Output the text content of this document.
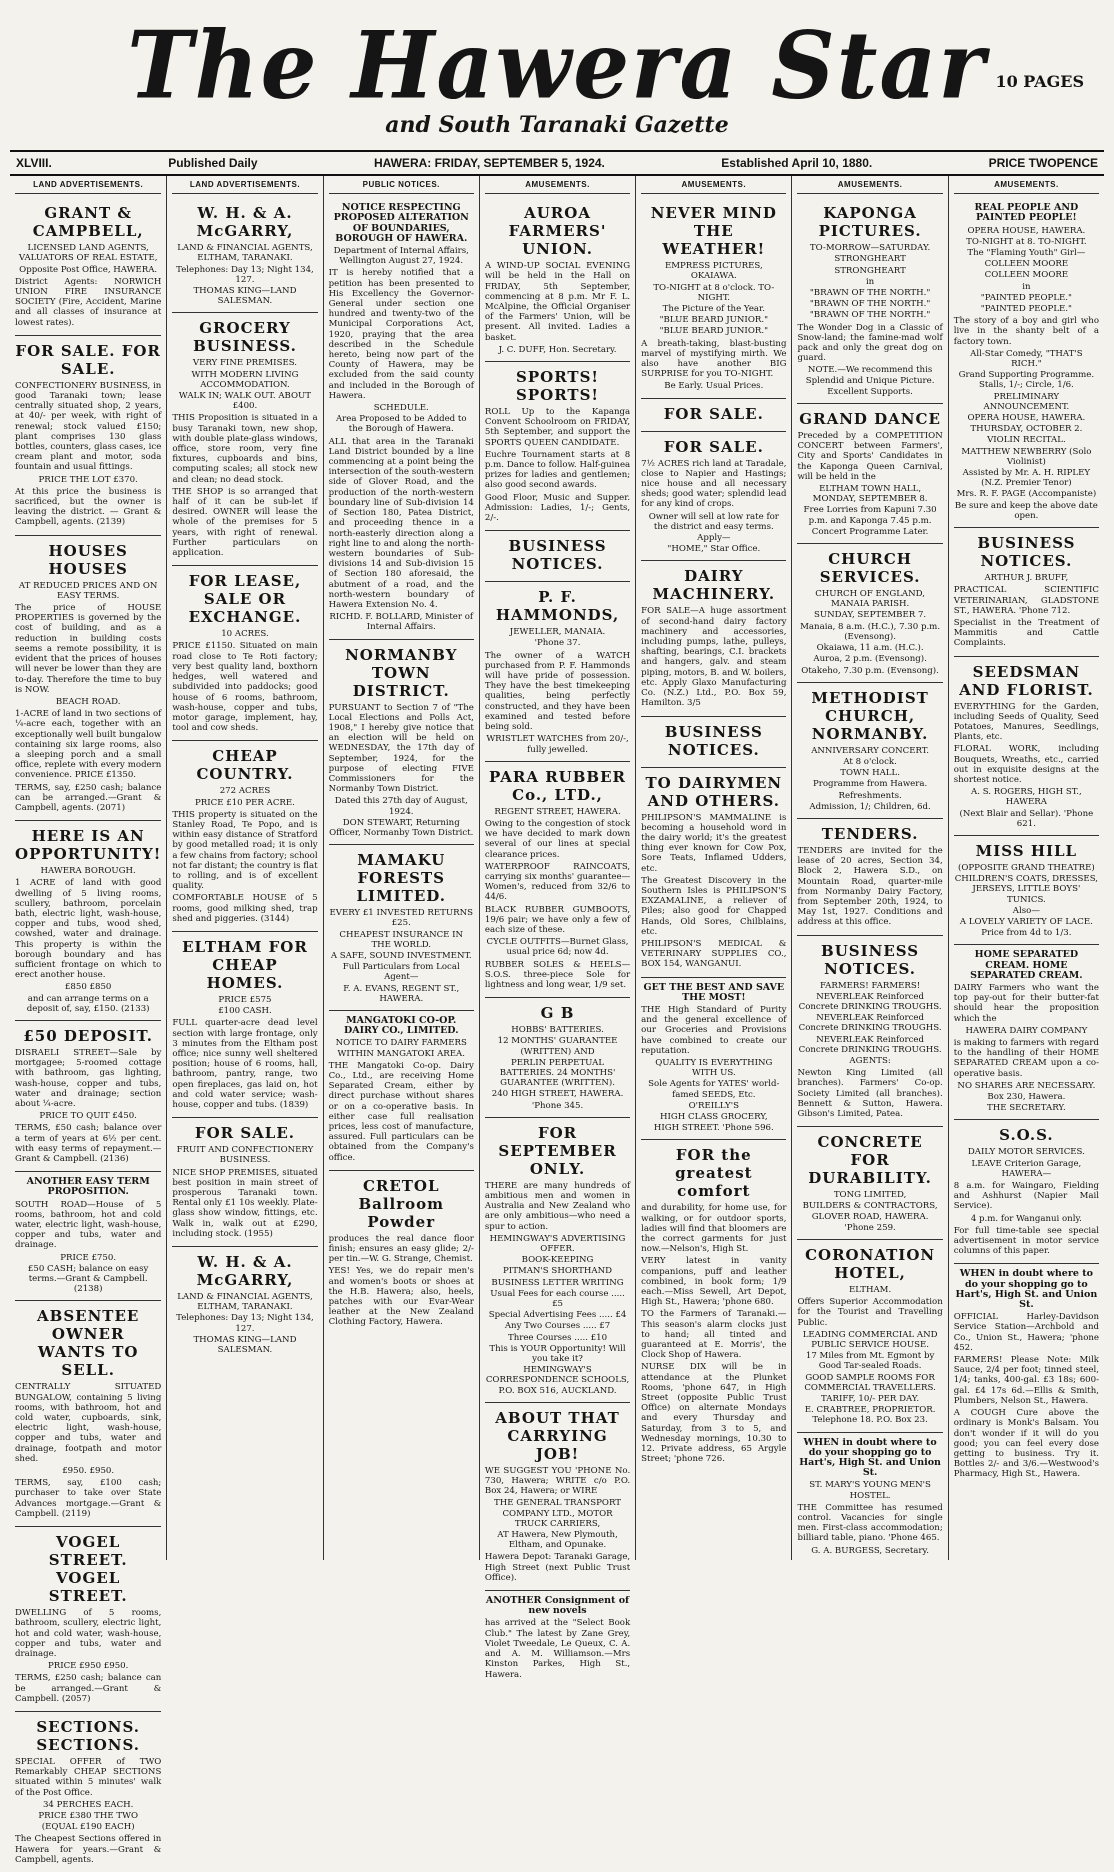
The Hawera Star
and South Taranaki Gazette
10 PAGES
XLVIII.	Published Daily	HAWERA: FRIDAY, SEPTEMBER 5, 1924.	Established April 10, 1880.	PRICE TWOPENCE
LAND ADVERTISEMENTS.
GRANT & CAMPBELL,
LICENSED LAND AGENTS, VALUATORS OF REAL ESTATE,
Opposite Post Office, HAWERA.
District Agents: NORWICH UNION FIRE INSURANCE SOCIETY (Fire, Accident, Marine and all classes of insurance at lowest rates).
FOR SALE. FOR SALE.
CONFECTIONERY BUSINESS, in good Taranaki town; lease centrally situated shop, 2 years, at 40/- per week, with right of renewal; stock valued £150; plant comprises 130 glass bottles, counters, glass cases, ice cream plant and motor, soda fountain and usual fittings.
PRICE THE LOT £370.
At this price the business is sacrificed, but the owner is leaving the district. — Grant & Campbell, agents. (2139)
HOUSES HOUSES
AT REDUCED PRICES AND ON EASY TERMS.
The price of HOUSE PROPERTIES is governed by the cost of building, and as a reduction in building costs seems a remote possibility, it is evident that the prices of houses will never be lower than they are to-day. Therefore the time to buy is NOW.
BEACH ROAD.
1-ACRE of land in two sections of ¼-acre each, together with an exceptionally well built bungalow containing six large rooms, also a sleeping porch and a small office, replete with every modern convenience. PRICE £1350.
TERMS, say, £250 cash; balance can be arranged.—Grant & Campbell, agents. (2071)
HERE IS AN OPPORTUNITY!
HAWERA BOROUGH.
1 ACRE of land with good dwelling of 5 living rooms, scullery, bathroom, porcelain bath, electric light, wash-house, copper and tubs, wood shed, cowshed, water and drainage. This property is within the borough boundary and has sufficient frontage on which to erect another house.
£850 £850
and can arrange terms on a deposit of, say, £150. (2133)
£50 DEPOSIT.
DISRAELI STREET—Sale by mortgagee; 5-roomed cottage with bathroom, gas lighting, wash-house, copper and tubs, water and drainage; section about ¼-acre.
PRICE TO QUIT £450.
TERMS, £50 cash; balance over a term of years at 6½ per cent. with easy terms of repayment.—Grant & Campbell. (2136)
ANOTHER EASY TERM PROPOSITION.
SOUTH ROAD—House of 5 rooms, bathroom, hot and cold water, electric light, wash-house, copper and tubs, water and drainage.
PRICE £750.
£50 CASH; balance on easy terms.—Grant & Campbell. (2138)
ABSENTEE OWNER WANTS TO SELL.
CENTRALLY SITUATED BUNGALOW, containing 5 living rooms, with bathroom, hot and cold water, cupboards, sink, electric light, wash-house, copper and tubs, water and drainage, footpath and motor shed.
£950. £950.
TERMS, say, £100 cash; purchaser to take over State Advances mortgage.—Grant & Campbell. (2119)
VOGEL STREET. VOGEL STREET.
DWELLING of 5 rooms, bathroom, scullery, electric light, hot and cold water, wash-house, copper and tubs, water and drainage.
PRICE £950 £950.
TERMS, £250 cash; balance can be arranged.—Grant & Campbell. (2057)
SECTIONS. SECTIONS.
SPECIAL OFFER of TWO Remarkably CHEAP SECTIONS situated within 5 minutes' walk of the Post Office.
34 PERCHES EACH.
PRICE £380 THE TWO
(EQUAL £190 EACH)
The Cheapest Sections offered in Hawera for years.—Grant & Campbell, agents.
LAND ADVERTISEMENTS.
W. H. & A. McGARRY,
LAND & FINANCIAL AGENTS, ELTHAM, TARANAKI.
Telephones: Day 13; Night 134, 127.
THOMAS KING—LAND SALESMAN.
GROCERY BUSINESS.
VERY FINE PREMISES.
WITH MODERN LIVING ACCOMMODATION.
WALK IN; WALK OUT. ABOUT £400.
THIS Proposition is situated in a busy Taranaki town, new shop, with double plate-glass windows, office, store room, very fine fixtures, cupboards and bins, computing scales; all stock new and clean; no dead stock.
THE SHOP is so arranged that half of it can be sub-let if desired. OWNER will lease the whole of the premises for 5 years, with right of renewal. Further particulars on application.
FOR LEASE, SALE OR EXCHANGE.
10 ACRES.
PRICE £1150. Situated on main road close to Te Roti factory; very best quality land, boxthorn hedges, well watered and subdivided into paddocks; good house of 6 rooms, bathroom, wash-house, copper and tubs, motor garage, implement, hay, tool and cow sheds.
CHEAP COUNTRY.
272 ACRES
PRICE £10 PER ACRE.
THIS property is situated on the Stanley Road, Te Popo, and is within easy distance of Stratford by good metalled road; it is only a few chains from factory; school not far distant; the country is flat to rolling, and is of excellent quality.
COMFORTABLE HOUSE of 5 rooms, good milking shed, trap shed and piggeries. (3144)
ELTHAM FOR CHEAP HOMES.
PRICE £575
£100 CASH.
FULL quarter-acre dead level section with large frontage, only 3 minutes from the Eltham post office; nice sunny well sheltered position; house of 6 rooms, hall, bathroom, pantry, range, two open fireplaces, gas laid on, hot and cold water service; wash-house, copper and tubs. (1839)
FOR SALE.
FRUIT AND CONFECTIONERY BUSINESS.
NICE SHOP PREMISES, situated best position in main street of prosperous Taranaki town. Rental only £1 10s weekly. Plate-glass show window, fittings, etc. Walk in, walk out at £290, including stock. (1955)
W. H. & A. McGARRY,
LAND & FINANCIAL AGENTS, ELTHAM, TARANAKI.
Telephones: Day 13; Night 134, 127.
THOMAS KING—LAND SALESMAN.
PUBLIC NOTICES.
NOTICE RESPECTING PROPOSED ALTERATION OF BOUNDARIES, BOROUGH OF HAWERA.
Department of Internal Affairs, Wellington August 27, 1924.
IT is hereby notified that a petition has been presented to His Excellency the Governor-General under section one hundred and twenty-two of the Municipal Corporations Act, 1920, praying that the area described in the Schedule hereto, being now part of the County of Hawera, may be excluded from the said county and included in the Borough of Hawera.
SCHEDULE.
Area Proposed to be Added to the Borough of Hawera.
ALL that area in the Taranaki Land District bounded by a line commencing at a point being the intersection of the south-western side of Glover Road, and the production of the north-western boundary line of Sub-division 14 of Section 180, Patea District, and proceeding thence in a north-easterly direction along a right line to and along the north-western boundaries of Sub-divisions 14 and Sub-division 15 of Section 180 aforesaid, the abutment of a road, and the north-western boundary of Hawera Extension No. 4.
RICHD. F. BOLLARD, Minister of Internal Affairs.
NORMANBY TOWN DISTRICT.
PURSUANT to Section 7 of "The Local Elections and Polls Act, 1908," I hereby give notice that an election will be held on WEDNESDAY, the 17th day of September, 1924, for the purpose of electing FIVE Commissioners for the Normanby Town District.
Dated this 27th day of August, 1924.
DON STEWART, Returning Officer, Normanby Town District.
MAMAKU FORESTS LIMITED.
EVERY £1 INVESTED RETURNS £25.
CHEAPEST INSURANCE IN THE WORLD.
A SAFE, SOUND INVESTMENT.
Full Particulars from Local Agent—
F. A. EVANS, REGENT ST., HAWERA.
MANGATOKI CO-OP. DAIRY CO., LIMITED.
NOTICE TO DAIRY FARMERS WITHIN MANGATOKI AREA.
THE Mangatoki Co-op. Dairy Co., Ltd., are receiving Home Separated Cream, either by direct purchase without shares or on a co-operative basis. In either case full realisation prices, less cost of manufacture, assured. Full particulars can be obtained from the Company's office.
CRETOL Ballroom Powder
produces the real dance floor finish; ensures an easy glide; 2/- per tin.—W. G. Strange, Chemist.
YES! Yes, we do repair men's and women's boots or shoes at the H.B. Hawera; also, heels, patches with our Evar-Wear leather at the New Zealand Clothing Factory, Hawera.
AMUSEMENTS.
AUROA FARMERS' UNION.
A WIND-UP SOCIAL EVENING will be held in the Hall on FRIDAY, 5th September, commencing at 8 p.m. Mr F. L. McAlpine, the Official Organiser of the Farmers' Union, will be present. All invited. Ladies a basket.
J. C. DUFF, Hon. Secretary.
SPORTS! SPORTS!
ROLL Up to the Kapanga Convent Schoolroom on FRIDAY, 5th September, and support the SPORTS QUEEN CANDIDATE.
Euchre Tournament starts at 8 p.m. Dance to follow. Half-guinea prizes for ladies and gentlemen; also good second awards.
Good Floor, Music and Supper. Admission: Ladies, 1/-; Gents, 2/-.
BUSINESS NOTICES.
P. F. HAMMONDS,
JEWELLER, MANAIA.
'Phone 37.
The owner of a WATCH purchased from P. F. Hammonds will have pride of possession. They have the best timekeeping qualities, being perfectly constructed, and they have been examined and tested before being sold.
WRISTLET WATCHES from 20/-, fully jewelled.
PARA RUBBER Co., LTD.,
REGENT STREET, HAWERA.
Owing to the congestion of stock we have decided to mark down several of our lines at special clearance prices.
WATERPROOF RAINCOATS, carrying six months' guarantee—Women's, reduced from 32/6 to 44/6.
BLACK RUBBER GUMBOOTS, 19/6 pair; we have only a few of each size of these.
CYCLE OUTFITS—Burnet Glass, usual price 6d; now 4d.
RUBBER SOLES & HEELS—S.O.S. three-piece Sole for lightness and long wear, 1/9 set.
G B
HOBBS' BATTERIES.
12 MONTHS' GUARANTEE (WRITTEN) AND
PERLIN PERPETUAL BATTERIES. 24 MONTHS' GUARANTEE (WRITTEN).
240 HIGH STREET, HAWERA.
'Phone 345.
FOR SEPTEMBER ONLY.
THERE are many hundreds of ambitious men and women in Australia and New Zealand who are only ambitious—who need a spur to action.
HEMINGWAY'S ADVERTISING OFFER.
BOOK-KEEPING
PITMAN'S SHORTHAND
BUSINESS LETTER WRITING
Usual Fees for each course ..... £5
Special Advertising Fees ..... £4
Any Two Courses ..... £7
Three Courses ..... £10
This is YOUR Opportunity! Will you take it?
HEMINGWAY'S CORRESPONDENCE SCHOOLS, P.O. BOX 516, AUCKLAND.
ABOUT THAT CARRYING JOB!
WE SUGGEST YOU 'PHONE No. 730, Hawera; WRITE c/o P.O. Box 24, Hawera; or WIRE
THE GENERAL TRANSPORT COMPANY LTD., MOTOR TRUCK CARRIERS,
AT Hawera, New Plymouth, Eltham, and Opunake.
Hawera Depot: Taranaki Garage, High Street (next Public Trust Office).
ANOTHER Consignment of new novels
has arrived at the "Select Book Club." The latest by Zane Grey, Violet Tweedale, Le Queux, C. A. and A. M. Williamson.—Mrs Kinston Parkes, High St., Hawera.
AMUSEMENTS.
NEVER MIND THE WEATHER!
EMPRESS PICTURES, OKAIAWA.
TO-NIGHT at 8 o'clock. TO-NIGHT.
The Picture of the Year.
"BLUE BEARD JUNIOR."
"BLUE BEARD JUNIOR."
A breath-taking, blast-busting marvel of mystifying mirth. We also have another BIG SURPRISE for you TO-NIGHT.
Be Early. Usual Prices.
FOR SALE.
FOR SALE.
7½ ACRES rich land at Taradale, close to Napier and Hastings; nice house and all necessary sheds; good water; splendid lead for any kind of crops.
Owner will sell at low rate for the district and easy terms.
Apply—
"HOME," Star Office.
DAIRY MACHINERY.
FOR SALE—A huge assortment of second-hand dairy factory machinery and accessories, including pumps, lathe, pulleys, shafting, bearings, C.I. brackets and hangers, galv. and steam piping, motors, B. and W. boilers, etc. Apply Glaxo Manufacturing Co. (N.Z.) Ltd., P.O. Box 59, Hamilton. 3/5
BUSINESS NOTICES.
TO DAIRYMEN AND OTHERS.
PHILIPSON'S MAMMALINE is becoming a household word in the dairy world; it's the greatest thing ever known for Cow Pox, Sore Teats, Inflamed Udders, etc.
The Greatest Discovery in the Southern Isles is PHILIPSON'S EXZAMALINE, a reliever of Piles; also good for Chapped Hands, Old Sores, Chilblains, etc.
PHILIPSON'S MEDICAL & VETERINARY SUPPLIES CO., BOX 154, WANGANUI.
GET THE BEST AND SAVE THE MOST!
THE High Standard of Purity and the general excellence of our Groceries and Provisions have combined to create our reputation.
QUALITY IS EVERYTHING WITH US.
Sole Agents for YATES' world-famed SEEDS, Etc.
O'REILLY'S
HIGH CLASS GROCERY,
HIGH STREET. 'Phone 596.
FOR the greatest comfort
and durability, for home use, for walking, or for outdoor sports, ladies will find that bloomers are the correct garments for just now.—Nelson's, High St.
VERY latest in vanity companions, puff and leather combined, in book form; 1/9 each.—Miss Sewell, Art Depot, High St., Hawera; 'phone 680.
TO the Farmers of Taranaki.—This season's alarm clocks just to hand; all tinted and guaranteed at E. Morris', the Clock Shop of Hawera.
NURSE DIX will be in attendance at the Plunket Rooms, 'phone 647, in High Street (opposite Public Trust Office) on alternate Mondays and every Thursday and Saturday, from 3 to 5, and Wednesday mornings, 10.30 to 12. Private address, 65 Argyle Street; 'phone 726.
AMUSEMENTS.
KAPONGA PICTURES.
TO-MORROW—SATURDAY.
STRONGHEART
STRONGHEART
in
"BRAWN OF THE NORTH."
"BRAWN OF THE NORTH."
"BRAWN OF THE NORTH."
The Wonder Dog in a Classic of Snow-land; the famine-mad wolf pack and only the great dog on guard.
NOTE.—We recommend this Splendid and Unique Picture.
Excellent Supports.
GRAND DANCE
Preceded by a COMPETITION CONCERT between Farmers', City and Sports' Candidates in the Kaponga Queen Carnival, will be held in the
ELTHAM TOWN HALL, MONDAY, SEPTEMBER 8.
Free Lorries from Kapuni 7.30 p.m. and Kaponga 7.45 p.m.
Concert Programme Later.
CHURCH SERVICES.
CHURCH OF ENGLAND, MANAIA PARISH.
SUNDAY, SEPTEMBER 7.
Manaia, 8 a.m. (H.C.), 7.30 p.m. (Evensong).
Okaiawa, 11 a.m. (H.C.).
Auroa, 2 p.m. (Evensong).
Otakeho, 7.30 p.m. (Evensong).
METHODIST CHURCH, NORMANBY.
ANNIVERSARY CONCERT.
At 8 o'clock.
TOWN HALL.
Programme from Hawera.
Refreshments.
Admission, 1/; Children, 6d.
TENDERS.
TENDERS are invited for the lease of 20 acres, Section 34, Block 2, Hawera S.D., on Mountain Road, quarter-mile from Normanby Dairy Factory, from September 20th, 1924, to May 1st, 1927. Conditions and address at this office.
BUSINESS NOTICES.
FARMERS! FARMERS!
NEVERLEAK Reinforced Concrete DRINKING TROUGHS.
NEVERLEAK Reinforced Concrete DRINKING TROUGHS.
NEVERLEAK Reinforced Concrete DRINKING TROUGHS.
AGENTS:
Newton King Limited (all branches). Farmers' Co-op. Society Limited (all branches). Bennett & Sutton, Hawera. Gibson's Limited, Patea.
CONCRETE FOR DURABILITY.
TONG LIMITED,
BUILDERS & CONTRACTORS, GLOVER ROAD, HAWERA.
'Phone 259.
CORONATION HOTEL,
ELTHAM.
Offers Superior Accommodation for the Tourist and Travelling Public.
LEADING COMMERCIAL AND PUBLIC SERVICE HOUSE.
17 Miles from Mt. Egmont by Good Tar-sealed Roads.
GOOD SAMPLE ROOMS FOR COMMERCIAL TRAVELLERS.
TARIFF, 10/- PER DAY.
E. CRABTREE, PROPRIETOR. Telephone 18. P.O. Box 23.
WHEN in doubt where to do your shopping go to Hart's, High St. and Union St.
ST. MARY'S YOUNG MEN'S HOSTEL.
THE Committee has resumed control. Vacancies for single men. First-class accommodation; billiard table, piano. 'Phone 465.
G. A. BURGESS, Secretary.
AMUSEMENTS.
REAL PEOPLE AND PAINTED PEOPLE!
OPERA HOUSE, HAWERA.
TO-NIGHT at 8. TO-NIGHT.
The "Flaming Youth" Girl—
COLLEEN MOORE
COLLEEN MOORE
in
"PAINTED PEOPLE."
"PAINTED PEOPLE."
The story of a boy and girl who live in the shanty belt of a factory town.
All-Star Comedy, "THAT'S RICH."
Grand Supporting Programme. Stalls, 1/-; Circle, 1/6.
PRELIMINARY ANNOUNCEMENT.
OPERA HOUSE, HAWERA.
THURSDAY, OCTOBER 2.
VIOLIN RECITAL.
MATTHEW NEWBERRY (Solo Violinist)
Assisted by Mr. A. H. RIPLEY (N.Z. Premier Tenor)
Mrs. R. F. PAGE (Accompaniste)
Be sure and keep the above date open.
BUSINESS NOTICES.
ARTHUR J. BRUFF,
PRACTICAL SCIENTIFIC VETERINARIAN, GLADSTONE ST., HAWERA. 'Phone 712.
Specialist in the Treatment of Mammitis and Cattle Complaints.
SEEDSMAN AND FLORIST.
EVERYTHING for the Garden, including Seeds of Quality, Seed Potatoes, Manures, Seedlings, Plants, etc.
FLORAL WORK, including Bouquets, Wreaths, etc., carried out in exquisite designs at the shortest notice.
A. S. ROGERS, HIGH ST., HAWERA
(Next Blair and Sellar). 'Phone 621.
MISS HILL
(OPPOSITE GRAND THEATRE)
CHILDREN'S COATS, DRESSES, JERSEYS, LITTLE BOYS' TUNICS.
Also—
A LOVELY VARIETY OF LACE.
Price from 4d to 1/3.
HOME SEPARATED CREAM. HOME SEPARATED CREAM.
DAIRY Farmers who want the top pay-out for their butter-fat should hear the proposition which the
HAWERA DAIRY COMPANY
is making to farmers with regard to the handling of their HOME SEPARATED CREAM upon a co-operative basis.
NO SHARES ARE NECESSARY.
Box 230, Hawera.
THE SECRETARY.
S.O.S.
DAILY MOTOR SERVICES.
LEAVE Criterion Garage, HAWERA—
8 a.m. for Waingaro, Fielding and Ashhurst (Napier Mail Service).
4 p.m. for Wanganui only.
For full time-table see special advertisement in motor service columns of this paper.
WHEN in doubt where to do your shopping go to Hart's, High St. and Union St.
OFFICIAL Harley-Davidson Service Station—Archbold and Co., Union St., Hawera; 'phone 452.
FARMERS! Please Note: Milk Sauce, 2/4 per foot; tinned steel, 1/4; tanks, 400-gal. £3 18s; 600-gal. £4 17s 6d.—Ellis & Smith, Plumbers, Nelson St., Hawera.
A COUGH Cure above the ordinary is Monk's Balsam. You don't wonder if it will do you good; you can feel every dose getting to business. Try it. Bottles 2/- and 3/6.—Westwood's Pharmacy, High St., Hawera.
